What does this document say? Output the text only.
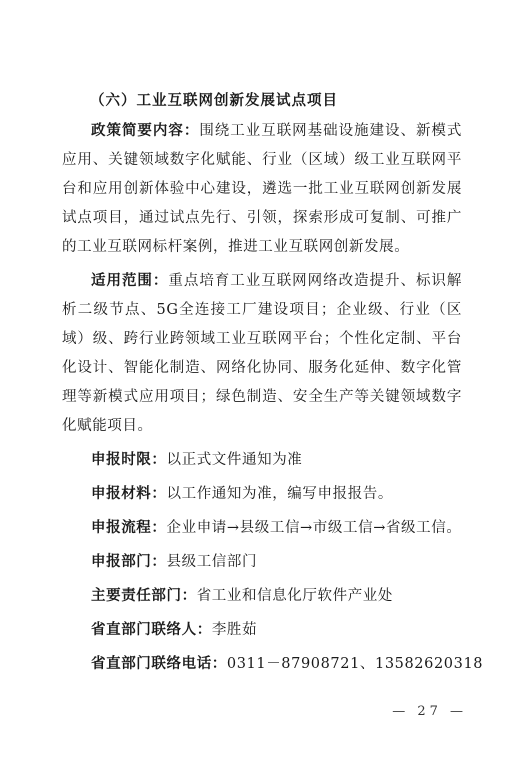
（六）工业互联网创新发展试点项目

政策简要内容：围绕工业互联网基础设施建设、新模式应用、关键领域数字化赋能、行业（区域）级工业互联网平台和应用创新体验中心建设，遴选一批工业互联网创新发展试点项目，通过试点先行、引领，探索形成可复制、可推广的工业互联网标杆案例，推进工业互联网创新发展。

适用范围：重点培育工业互联网网络改造提升、标识解析二级节点、5G全连接工厂建设项目；企业级、行业（区域）级、跨行业跨领域工业互联网平台；个性化定制、平台化设计、智能化制造、网络化协同、服务化延伸、数字化管理等新模式应用项目；绿色制造、安全生产等关键领域数字化赋能项目。

申报时限：以正式文件通知为准

申报材料：以工作通知为准，编写申报报告。

申报流程：企业申请→县级工信→市级工信→省级工信。

申报部门：县级工信部门

主要责任部门：省工业和信息化厅软件产业处

省直部门联络人：李胜茹

省直部门联络电话：0311－87908721、13582620318

— 27 —
